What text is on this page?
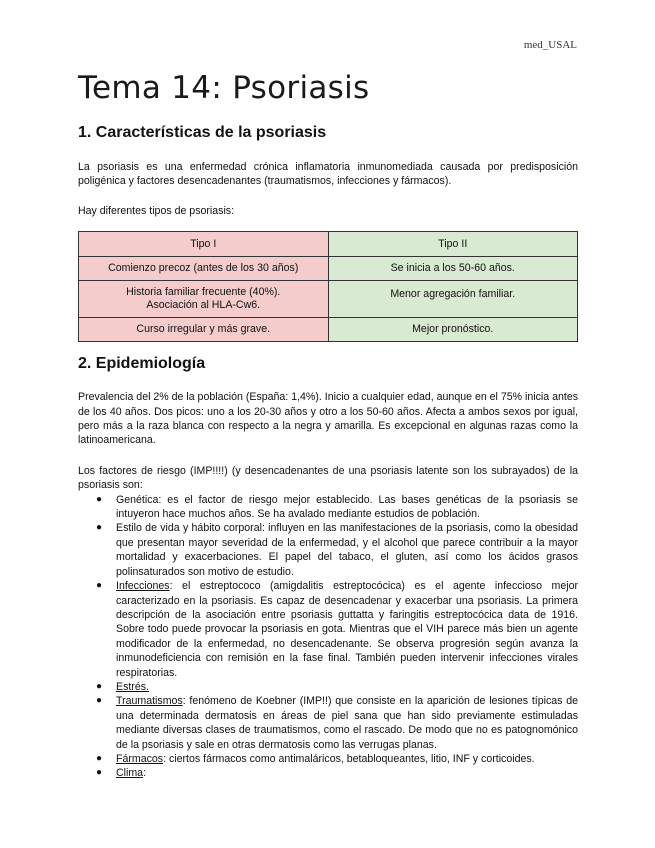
med_USAL
Tema 14: Psoriasis
1. Características de la psoriasis

La psoriasis es una enfermedad crónica inflamatoria inmunomediada causada por predisposición poligénica y factores desencadenantes (traumatismos, infecciones y fármacos).

Hay diferentes tipos de psoriasis:

Tipo I	Tipo II
Comienzo precoz (antes de los 30 años)	Se inicia a los 50-60 años.

Historia familiar frecuente (40%).
Asociación al HLA-Cw6.	Menor agregación familiar.
Curso irregular y más grave.	Mejor pronóstico.
2. Epidemiología

Prevalencia del 2% de la población (España: 1,4%). Inicio a cualquier edad, aunque en el 75% inicia antes de los 40 años. Dos picos: uno a los 20-30 años y otro a los 50-60 años. Afecta a ambos sexos por igual, pero más a la raza blanca con respecto a la negra y amarilla. Es excepcional en algunas razas como la latinoamericana.

Los factores de riesgo (IMP!!!!) (y desencadenantes de una psoriasis latente son los subrayados) de la psoriasis son:

● Genética: es el factor de riesgo mejor establecido. Las bases genéticas de la psoriasis se intuyeron hace muchos años. Se ha avalado mediante estudios de población.
● Estilo de vida y hábito corporal: influyen en las manifestaciones de la psoriasis, como la obesidad que presentan mayor severidad de la enfermedad, y el alcohol que parece contribuir a la mayor mortalidad y exacerbaciones. El papel del tabaco, el gluten, así como los ácidos grasos polinsaturados son motivo de estudio.
● Infecciones: el estreptococo (amigdalitis estreptocócica) es el agente infeccioso mejor caracterizado en la psoriasis. Es capaz de desencadenar y exacerbar una psoriasis. La primera descripción de la asociación entre psoriasis guttatta y faringitis estreptocócica data de 1916. Sobre todo puede provocar la psoriasis en gota. Mientras que el VIH parece más bien un agente modificador de la enfermedad, no desencadenante. Se observa progresión según avanza la inmunodeficiencia con remisión en la fase final. También pueden intervenir infecciones virales respiratorias.
● Estrés.
● Traumatismos: fenómeno de Koebner (IMP!!) que consiste en la aparición de lesiones típicas de una determinada dermatosis en áreas de piel sana que han sido previamente estimuladas mediante diversas clases de traumatismos, como el rascado. De modo que no es patognomónico de la psoriasis y sale en otras dermatosis como las verrugas planas.
● Fármacos: ciertos fármacos como antimaláricos, betabloqueantes, litio, INF y corticoides.
● Clima:
